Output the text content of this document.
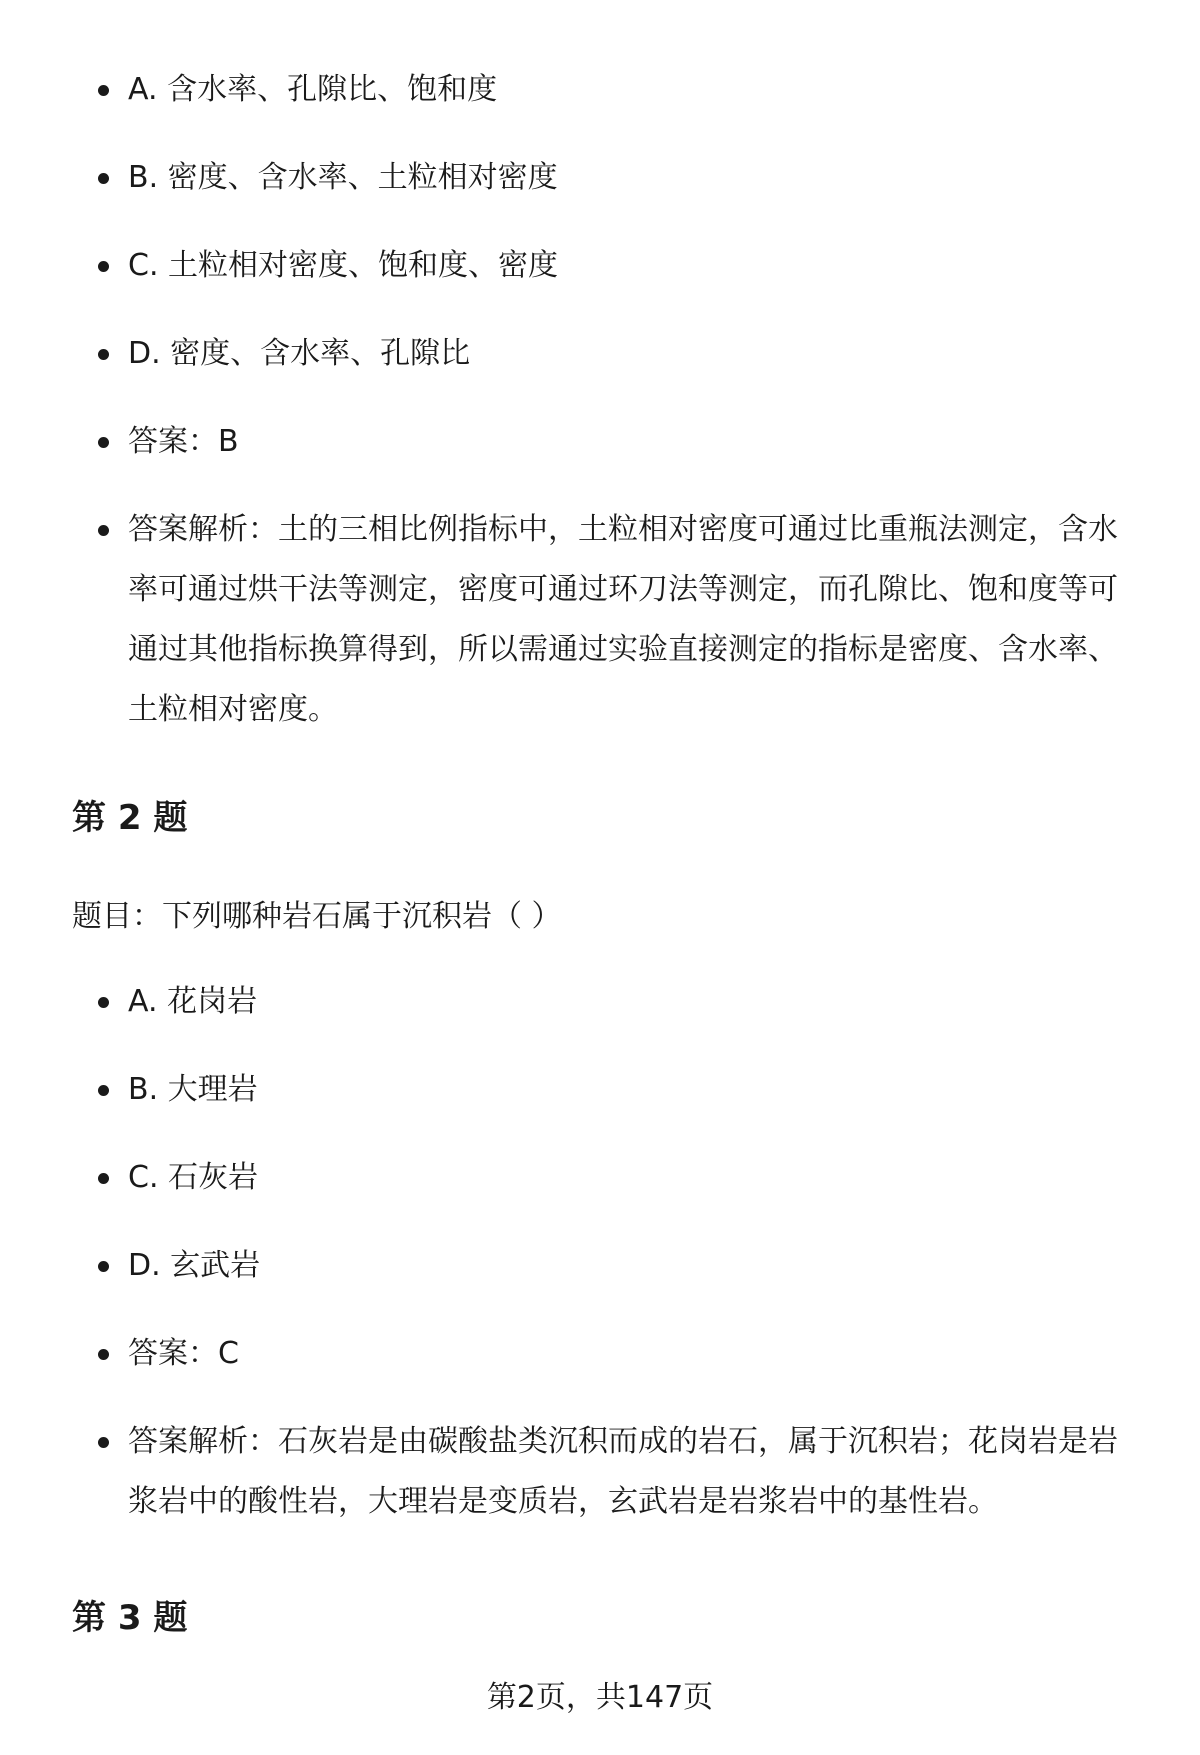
A. 含水率、孔隙比、饱和度
B. 密度、含水率、土粒相对密度
C. 土粒相对密度、饱和度、密度
D. 密度、含水率、孔隙比
答案：B
答案解析：土的三相比例指标中，土粒相对密度可通过比重瓶法测定，含水率可通过烘干法等测定，密度可通过环刀法等测定，而孔隙比、饱和度等可通过其他指标换算得到，所以需通过实验直接测定的指标是密度、含水率、土粒相对密度。
第 2 题

题目：下列哪种岩石属于沉积岩（ ）

A. 花岗岩
B. 大理岩
C. 石灰岩
D. 玄武岩
答案：C
答案解析：石灰岩是由碳酸盐类沉积而成的岩石，属于沉积岩；花岗岩是岩浆岩中的酸性岩，大理岩是变质岩，玄武岩是岩浆岩中的基性岩。
第 3 题
第2页，共147页
